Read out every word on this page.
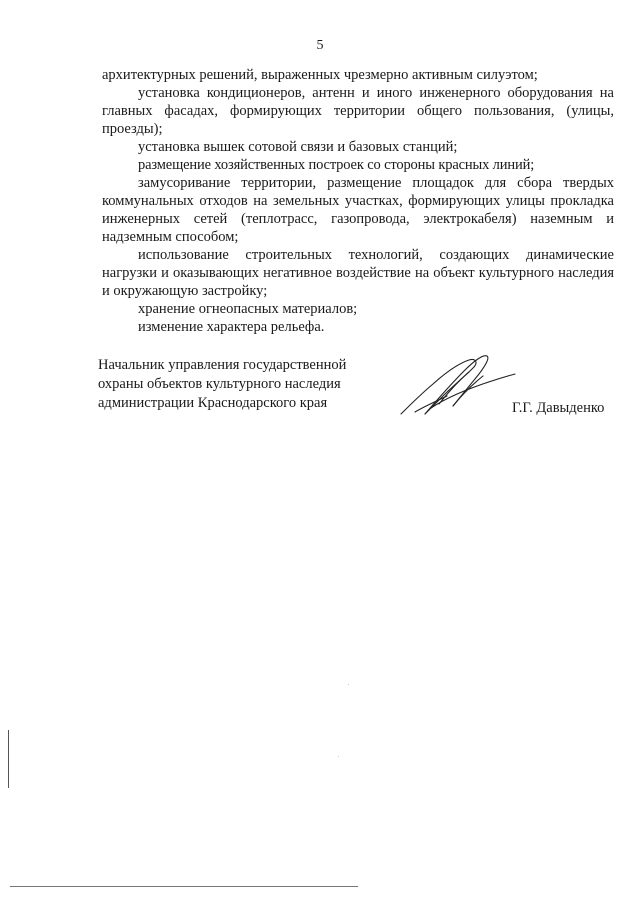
5

архитектурных решений, выраженных чрезмерно активным силуэтом;

установка кондиционеров, антенн и иного инженерного оборудования на главных фасадах, формирующих территории общего пользования, (улицы, проезды);

установка вышек сотовой связи и базовых станций;

размещение хозяйственных построек со стороны красных линий;

замусоривание территории, размещение площадок для сбора твердых коммунальных отходов на земельных участках, формирующих улицы прокладка инженерных сетей (теплотрасс, газопровода, электрокабеля) наземным и надземным способом;

использование строительных технологий, создающих динамические нагрузки и оказывающих негативное воздействие на объект культурного наследия и окружающую застройку;

хранение огнеопасных материалов;

изменение характера рельефа.

Начальник управления государственной
охраны объектов культурного наследия
администрации Краснодарского края	Г.Г. Давыденко
